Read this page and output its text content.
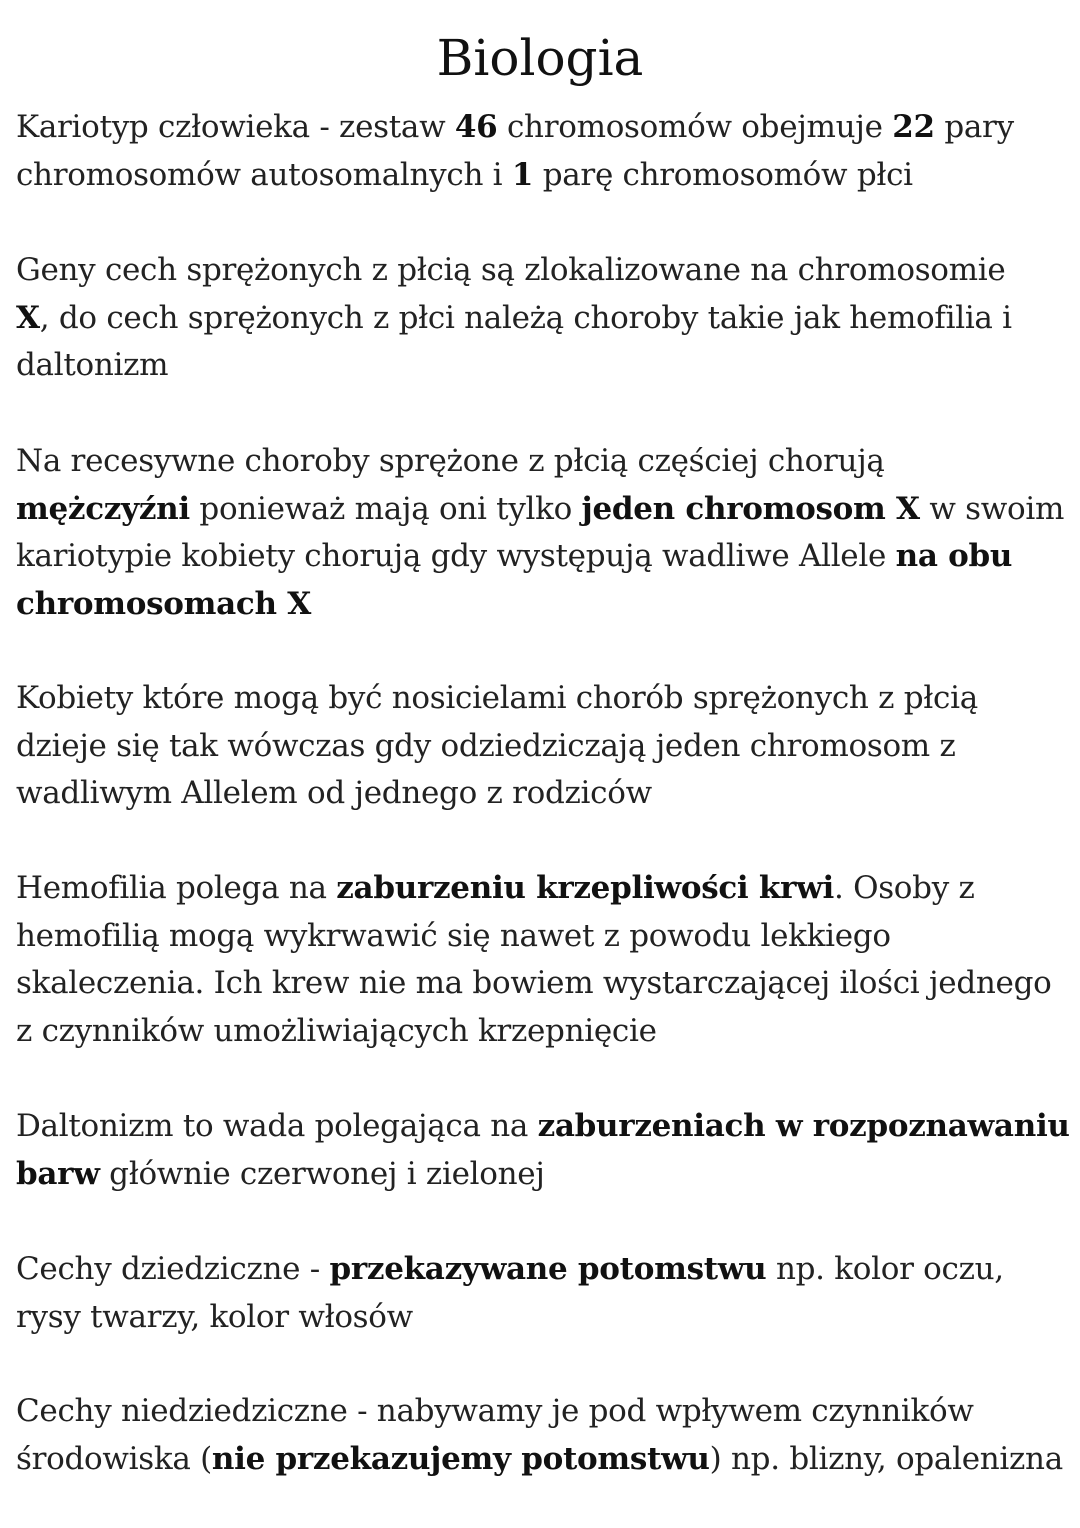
Biologia

Kariotyp człowieka - zestaw 46 chromosomów obejmuje 22 pary
chromosomów autosomalnych i 1 parę chromosomów płci

Geny cech sprężonych z płcią są zlokalizowane na chromosomie
X, do cech sprężonych z płci należą choroby takie jak hemofilia i
daltonizm

Na recesywne choroby sprężone z płcią częściej chorują
mężczyźni ponieważ mają oni tylko jeden chromosom X w swoim
kariotypie kobiety chorują gdy występują wadliwe Allele na obu
chromosomach X

Kobiety które mogą być nosicielami chorób sprężonych z płcią
dzieje się tak wówczas gdy odziedziczają jeden chromosom z
wadliwym Allelem od jednego z rodziców

Hemofilia polega na zaburzeniu krzepliwości krwi. Osoby z
hemofilią mogą wykrwawić się nawet z powodu lekkiego
skaleczenia. Ich krew nie ma bowiem wystarczającej ilości jednego
z czynników umożliwiających krzepnięcie

Daltonizm to wada polegająca na zaburzeniach w rozpoznawaniu
barw głównie czerwonej i zielonej

Cechy dziedziczne - przekazywane potomstwu np. kolor oczu,
rysy twarzy, kolor włosów

Cechy niedziedziczne - nabywamy je pod wpływem czynników
środowiska (nie przekazujemy potomstwu) np. blizny, opalenizna
